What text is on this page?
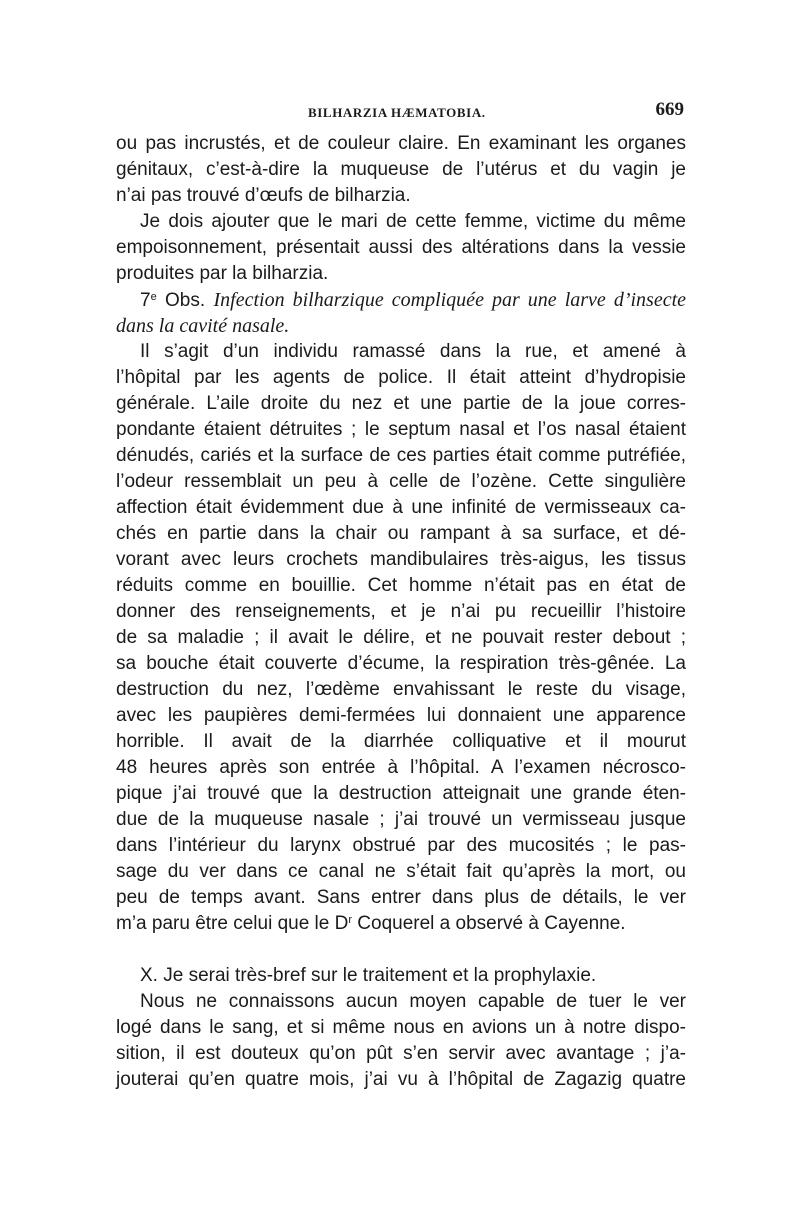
BILHARZIA HÆMATOBIA.	669
ou pas incrustés, et de couleur claire. En examinant les organes
génitaux, c’est-à-dire la muqueuse de l’utérus et du vagin je
n’ai pas trouvé d’œufs de bilharzia.
Je dois ajouter que le mari de cette femme, victime du même
empoisonnement, présentait aussi des altérations dans la vessie
produites par la bilharzia.
7e Obs. Infection bilharzique compliquée par une larve d’insecte
dans la cavité nasale.
Il s’agit d’un individu ramassé dans la rue, et amené à
l’hôpital par les agents de police. Il était atteint d’hydropisie
générale. L’aile droite du nez et une partie de la joue corres-
pondante étaient détruites ; le septum nasal et l’os nasal étaient
dénudés, cariés et la surface de ces parties était comme putréfiée,
l’odeur ressemblait un peu à celle de l’ozène. Cette singulière
affection était évidemment due à une infinité de vermisseaux ca-
chés en partie dans la chair ou rampant à sa surface, et dé-
vorant avec leurs crochets mandibulaires très-aigus, les tissus
réduits comme en bouillie. Cet homme n’était pas en état de
donner des renseignements, et je n’ai pu recueillir l’histoire
de sa maladie ; il avait le délire, et ne pouvait rester debout ;
sa bouche était couverte d’écume, la respiration très-gênée. La
destruction du nez, l’œdème envahissant le reste du visage,
avec les paupières demi-fermées lui donnaient une apparence
horrible. Il avait de la diarrhée colliquative et il mourut
48 heures après son entrée à l’hôpital. A l’examen nécrosco-
pique j’ai trouvé que la destruction atteignait une grande éten-
due de la muqueuse nasale ; j’ai trouvé un vermisseau jusque
dans l’intérieur du larynx obstrué par des mucosités ; le pas-
sage du ver dans ce canal ne s’était fait qu’après la mort, ou
peu de temps avant. Sans entrer dans plus de détails, le ver
m’a paru être celui que le $D^r$ Coquerel a observé à Cayenne.
X. Je serai très-bref sur le traitement et la prophylaxie.
Nous ne connaissons aucun moyen capable de tuer le ver
logé dans le sang, et si même nous en avions un à notre dispo-
sition, il est douteux qu’on pût s’en servir avec avantage ; j’a-
jouterai qu’en quatre mois, j’ai vu à l’hôpital de Zagazig quatre
